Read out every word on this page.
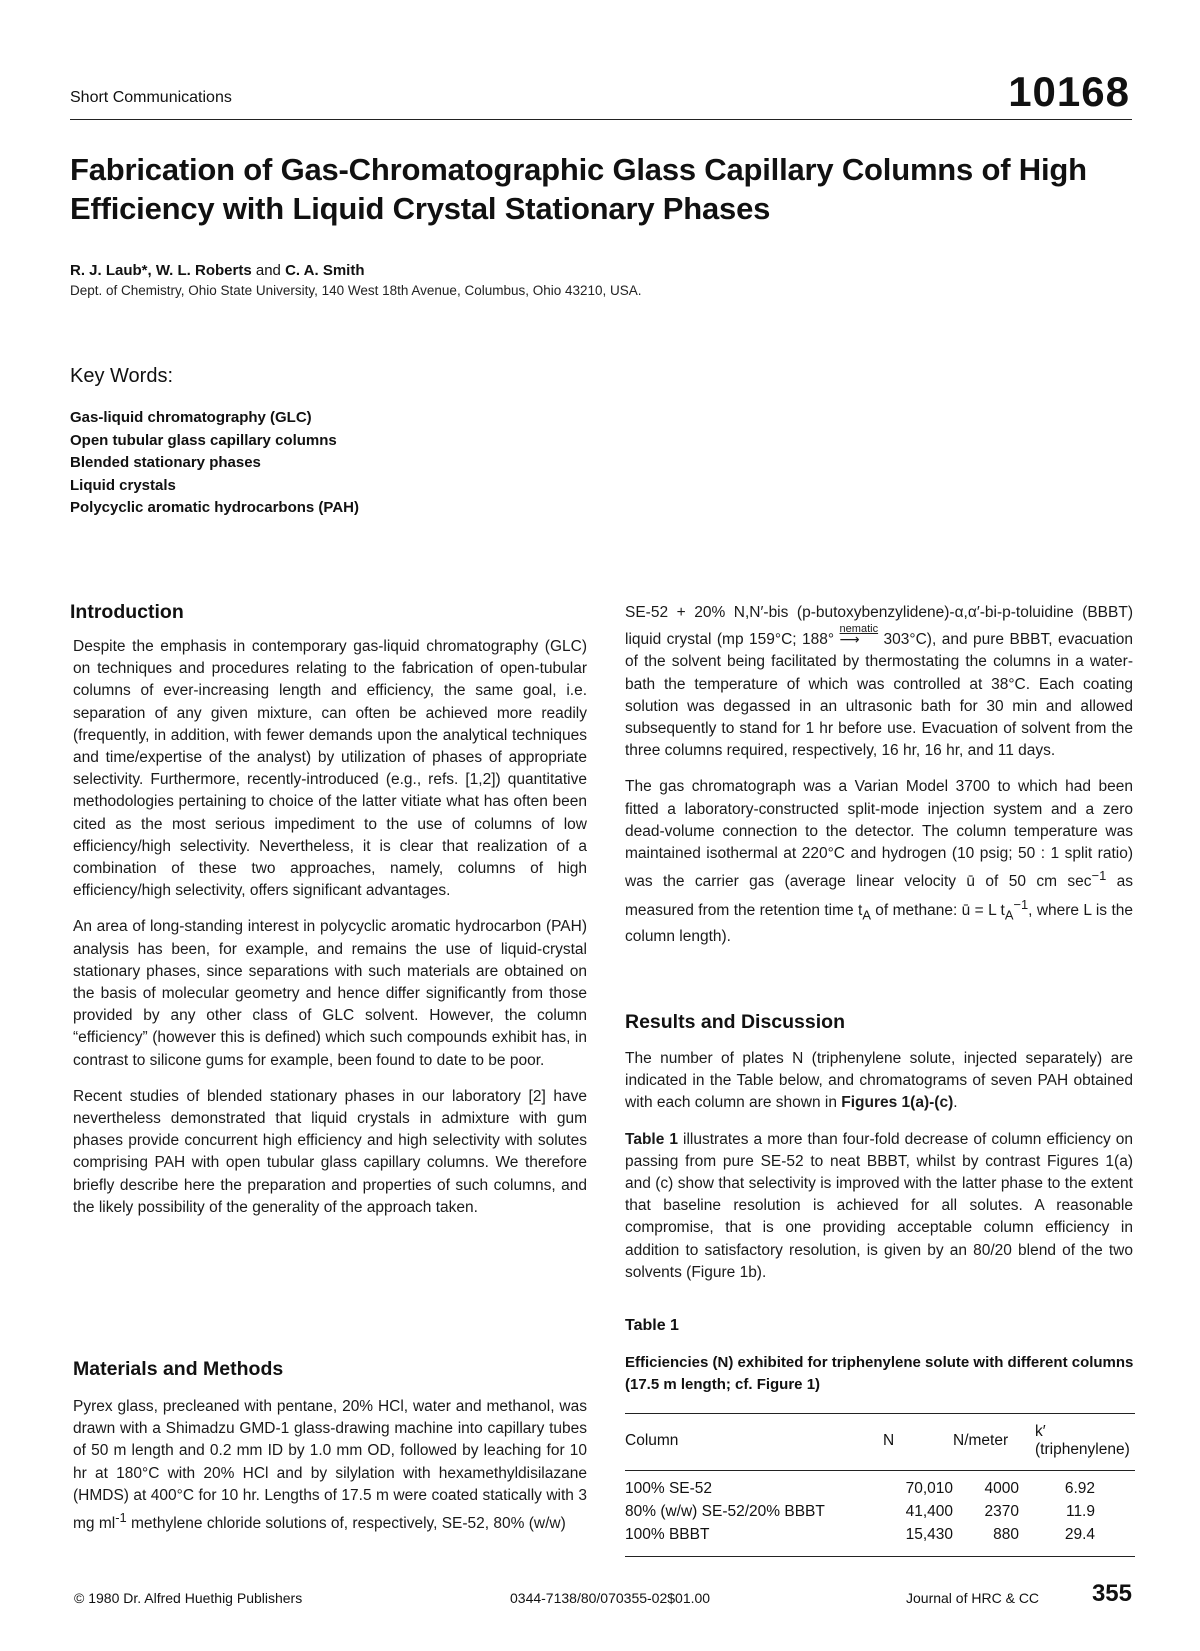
Short Communications	10168
Fabrication of Gas-Chromatographic Glass Capillary Columns of High Efficiency with Liquid Crystal Stationary Phases
R. J. Laub*, W. L. Roberts and C. A. Smith
Dept. of Chemistry, Ohio State University, 140 West 18th Avenue, Columbus, Ohio 43210, USA.
Key Words:
Gas-liquid chromatography (GLC)
Open tubular glass capillary columns
Blended stationary phases
Liquid crystals
Polycyclic aromatic hydrocarbons (PAH)
Introduction

Despite the emphasis in contemporary gas-liquid chromatography (GLC) on techniques and procedures relating to the fabrication of open-tubular columns of ever-increasing length and efficiency, the same goal, i.e. separation of any given mixture, can often be achieved more readily (frequently, in addition, with fewer demands upon the analytical techniques and time/expertise of the analyst) by utilization of phases of appropriate selectivity. Furthermore, recently-introduced (e.g., refs. [1,2]) quantitative methodologies pertaining to choice of the latter vitiate what has often been cited as the most serious impediment to the use of columns of low efficiency/high selectivity. Nevertheless, it is clear that realization of a combination of these two approaches, namely, columns of high efficiency/high selectivity, offers significant advantages.

An area of long-standing interest in polycyclic aromatic hydrocarbon (PAH) analysis has been, for example, and remains the use of liquid-crystal stationary phases, since separations with such materials are obtained on the basis of molecular geometry and hence differ significantly from those provided by any other class of GLC solvent. However, the column “efficiency” (however this is defined) which such compounds exhibit has, in contrast to silicone gums for example, been found to date to be poor.

Recent studies of blended stationary phases in our laboratory [2] have nevertheless demonstrated that liquid crystals in admixture with gum phases provide concurrent high efficiency and high selectivity with solutes comprising PAH with open tubular glass capillary columns. We therefore briefly describe here the preparation and properties of such columns, and the likely possibility of the generality of the approach taken.

Materials and Methods

Pyrex glass, precleaned with pentane, 20% HCl, water and methanol, was drawn with a Shimadzu GMD-1 glass-drawing machine into capillary tubes of 50 m length and 0.2 mm ID by 1.0 mm OD, followed by leaching for 10 hr at 180°C with 20% HCl and by silylation with hexamethyldisilazane (HMDS) at 400°C for 10 hr. Lengths of 17.5 m were coated statically with 3 mg $ml^{-1}$ methylene chloride solutions of, respectively, SE-52, 80% (w/w)

SE-52 + 20% N,N′-bis (p-butoxybenzylidene)-α,α′-bi-p-toluidine (BBBT) liquid crystal (mp 159°C; 188°
nematic
⟶	303°C), and pure BBBT, evacuation of the solvent being facilitated by thermostating the columns in a water-bath the temperature of which was controlled at 38°C. Each coating solution was degassed in an ultrasonic bath for 30 min and allowed subsequently to stand for 1 hr before use. Evacuation of solvent from the three columns required, respectively, 16 hr, 16 hr, and 11 days.

The gas chromatograph was a Varian Model 3700 to which had been fitted a laboratory-constructed split-mode injection system and a zero dead-volume connection to the detector. The column temperature was maintained isothermal at 220°C and hydrogen (10 psig; 50 : 1 split ratio) was the carrier gas (average linear velocity ū of 50 cm $\sec^{-1}$ as measured from the retention time $t_A$ of methane: ū = L $t_A^{-1}$, where L is the column length).

Results and Discussion

The number of plates N (triphenylene solute, injected separately) are indicated in the Table below, and chromatograms of seven PAH obtained with each column are shown in Figures 1(a)-(c).

Table 1 illustrates a more than four-fold decrease of column efficiency on passing from pure SE-52 to neat BBBT, whilst by contrast Figures 1(a) and (c) show that selectivity is improved with the latter phase to the extent that baseline resolution is achieved for all solutes. A reasonable compromise, that is one providing acceptable column efficiency in addition to satisfactory resolution, is given by an 80/20 blend of the two solvents (Figure 1b).

Table 1
Efficiencies (N) exhibited for triphenylene solute with different columns (17.5 m length; cf. Figure 1)
Column	N	N/meter	k′(triphenylene)
100% SE-52	70,010	4000	6.92
80% (w/w) SE-52/20% BBBT	41,400	2370	11.9
100% BBBT	15,430	880	29.4
© 1980 Dr. Alfred Huethig Publishers	0344-7138/80/070355-02$01.00	Journal of HRC & CC 355
